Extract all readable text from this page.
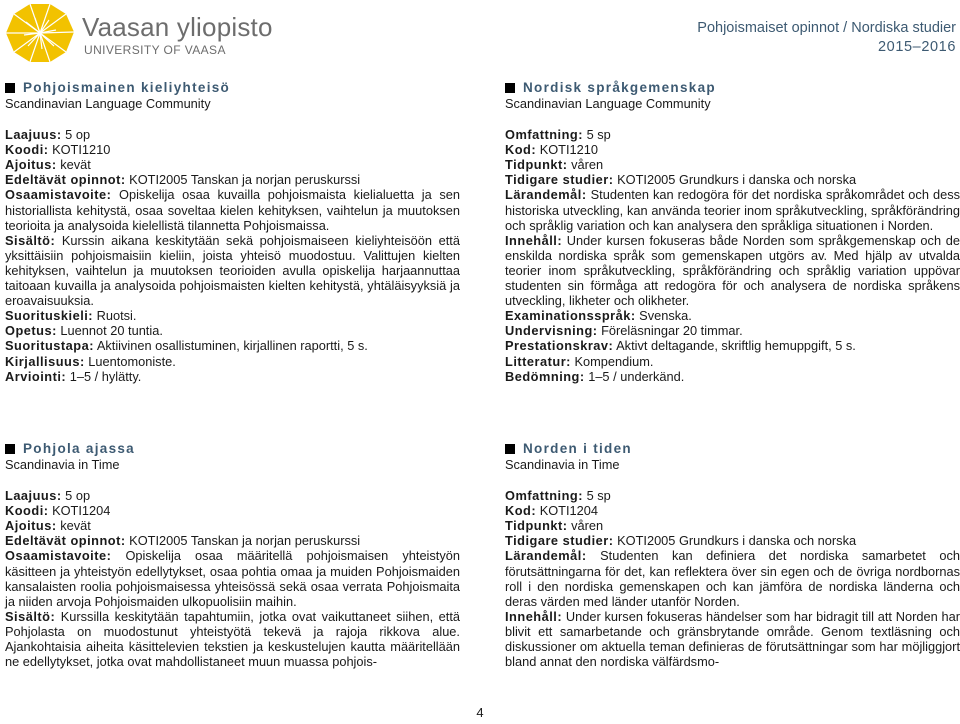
Vaasan yliopisto
UNIVERSITY OF VAASA
Pohjoismaiset opinnot / Nordiska studier
2015–2016
Pohjoismainen kieliyhteisö
Scandinavian Language Community
Laajuus: 5 op
Koodi: KOTI1210
Ajoitus: kevät
Edeltävät opinnot: KOTI2005 Tanskan ja norjan peruskurssi

Osaamistavoite: Opiskelija osaa kuvailla pohjoismaista kielialuetta ja sen historiallista kehitystä, osaa soveltaa kielen kehityksen, vaihtelun ja muutoksen teorioita ja analysoida kielellistä tilannetta Pohjoismaissa.

Sisältö: Kurssin aikana keskitytään sekä pohjoismaiseen kieliyhteisöön että yksittäisiin pohjoismaisiin kieliin, joista yhteisö muodostuu. Valittujen kielten kehityksen, vaihtelun ja muutoksen teorioiden avulla opiskelija harjaannuttaa taitoaan kuvailla ja analysoida pohjoismaisten kielten kehitystä, yhtäläisyyksiä ja eroavaisuuksia.

Suorituskieli: Ruotsi.

Opetus: Luennot 20 tuntia.

Suoritustapa: Aktiivinen osallistuminen, kirjallinen raportti, 5 s.

Kirjallisuus: Luentomoniste.

Arviointi: 1–5 / hylätty.

Nordisk språkgemenskap
Scandinavian Language Community
Omfattning: 5 sp
Kod: KOTI1210
Tidpunkt: våren
Tidigare studier: KOTI2005 Grundkurs i danska och norska

Lärandemål: Studenten kan redogöra för det nordiska språkområdet och dess historiska utveckling, kan använda teorier inom språkutveckling, språkförändring och språklig variation och kan analysera den språkliga situationen i Norden.

Innehåll: Under kursen fokuseras både Norden som språkgemenskap och de enskilda nordiska språk som gemenskapen utgörs av. Med hjälp av utvalda teorier inom språkutveckling, språkförändring och språklig variation uppövar studenten sin förmåga att redogöra för och analysera de nordiska språkens utveckling, likheter och olikheter.

Examinationsspråk: Svenska.

Undervisning: Föreläsningar 20 timmar.

Prestationskrav: Aktivt deltagande, skriftlig hemuppgift, 5 s.

Litteratur: Kompendium.

Bedömning: 1–5 / underkänd.

Pohjola ajassa
Scandinavia in Time
Laajuus: 5 op
Koodi: KOTI1204
Ajoitus: kevät
Edeltävät opinnot: KOTI2005 Tanskan ja norjan peruskurssi

Osaamistavoite: Opiskelija osaa määritellä pohjoismaisen yhteistyön käsitteen ja yhteistyön edellytykset, osaa pohtia omaa ja muiden Pohjoismaiden kansalaisten roolia pohjoismaisessa yhteisössä sekä osaa verrata Pohjoismaita ja niiden arvoja Pohjoismaiden ulkopuolisiin maihin.

Sisältö: Kurssilla keskitytään tapahtumiin, jotka ovat vaikuttaneet siihen, että Pohjolasta on muodostunut yhteistyötä tekevä ja rajoja rikkova alue. Ajankohtaisia aiheita käsittelevien tekstien ja keskustelujen kautta määritellään ne edellytykset, jotka ovat mahdollistaneet muun muassa pohjois-

Norden i tiden
Scandinavia in Time
Omfattning: 5 sp
Kod: KOTI1204
Tidpunkt: våren
Tidigare studier: KOTI2005 Grundkurs i danska och norska

Lärandemål: Studenten kan definiera det nordiska samarbetet och förutsättningarna för det, kan reflektera över sin egen och de övriga nordbornas roll i den nordiska gemenskapen och kan jämföra de nordiska länderna och deras värden med länder utanför Norden.

Innehåll: Under kursen fokuseras händelser som har bidragit till att Norden har blivit ett samarbetande och gränsbrytande område. Genom textläsning och diskussioner om aktuella teman definieras de förutsättningar som har möjliggjort bland annat den nordiska välfärdsmo-

4
